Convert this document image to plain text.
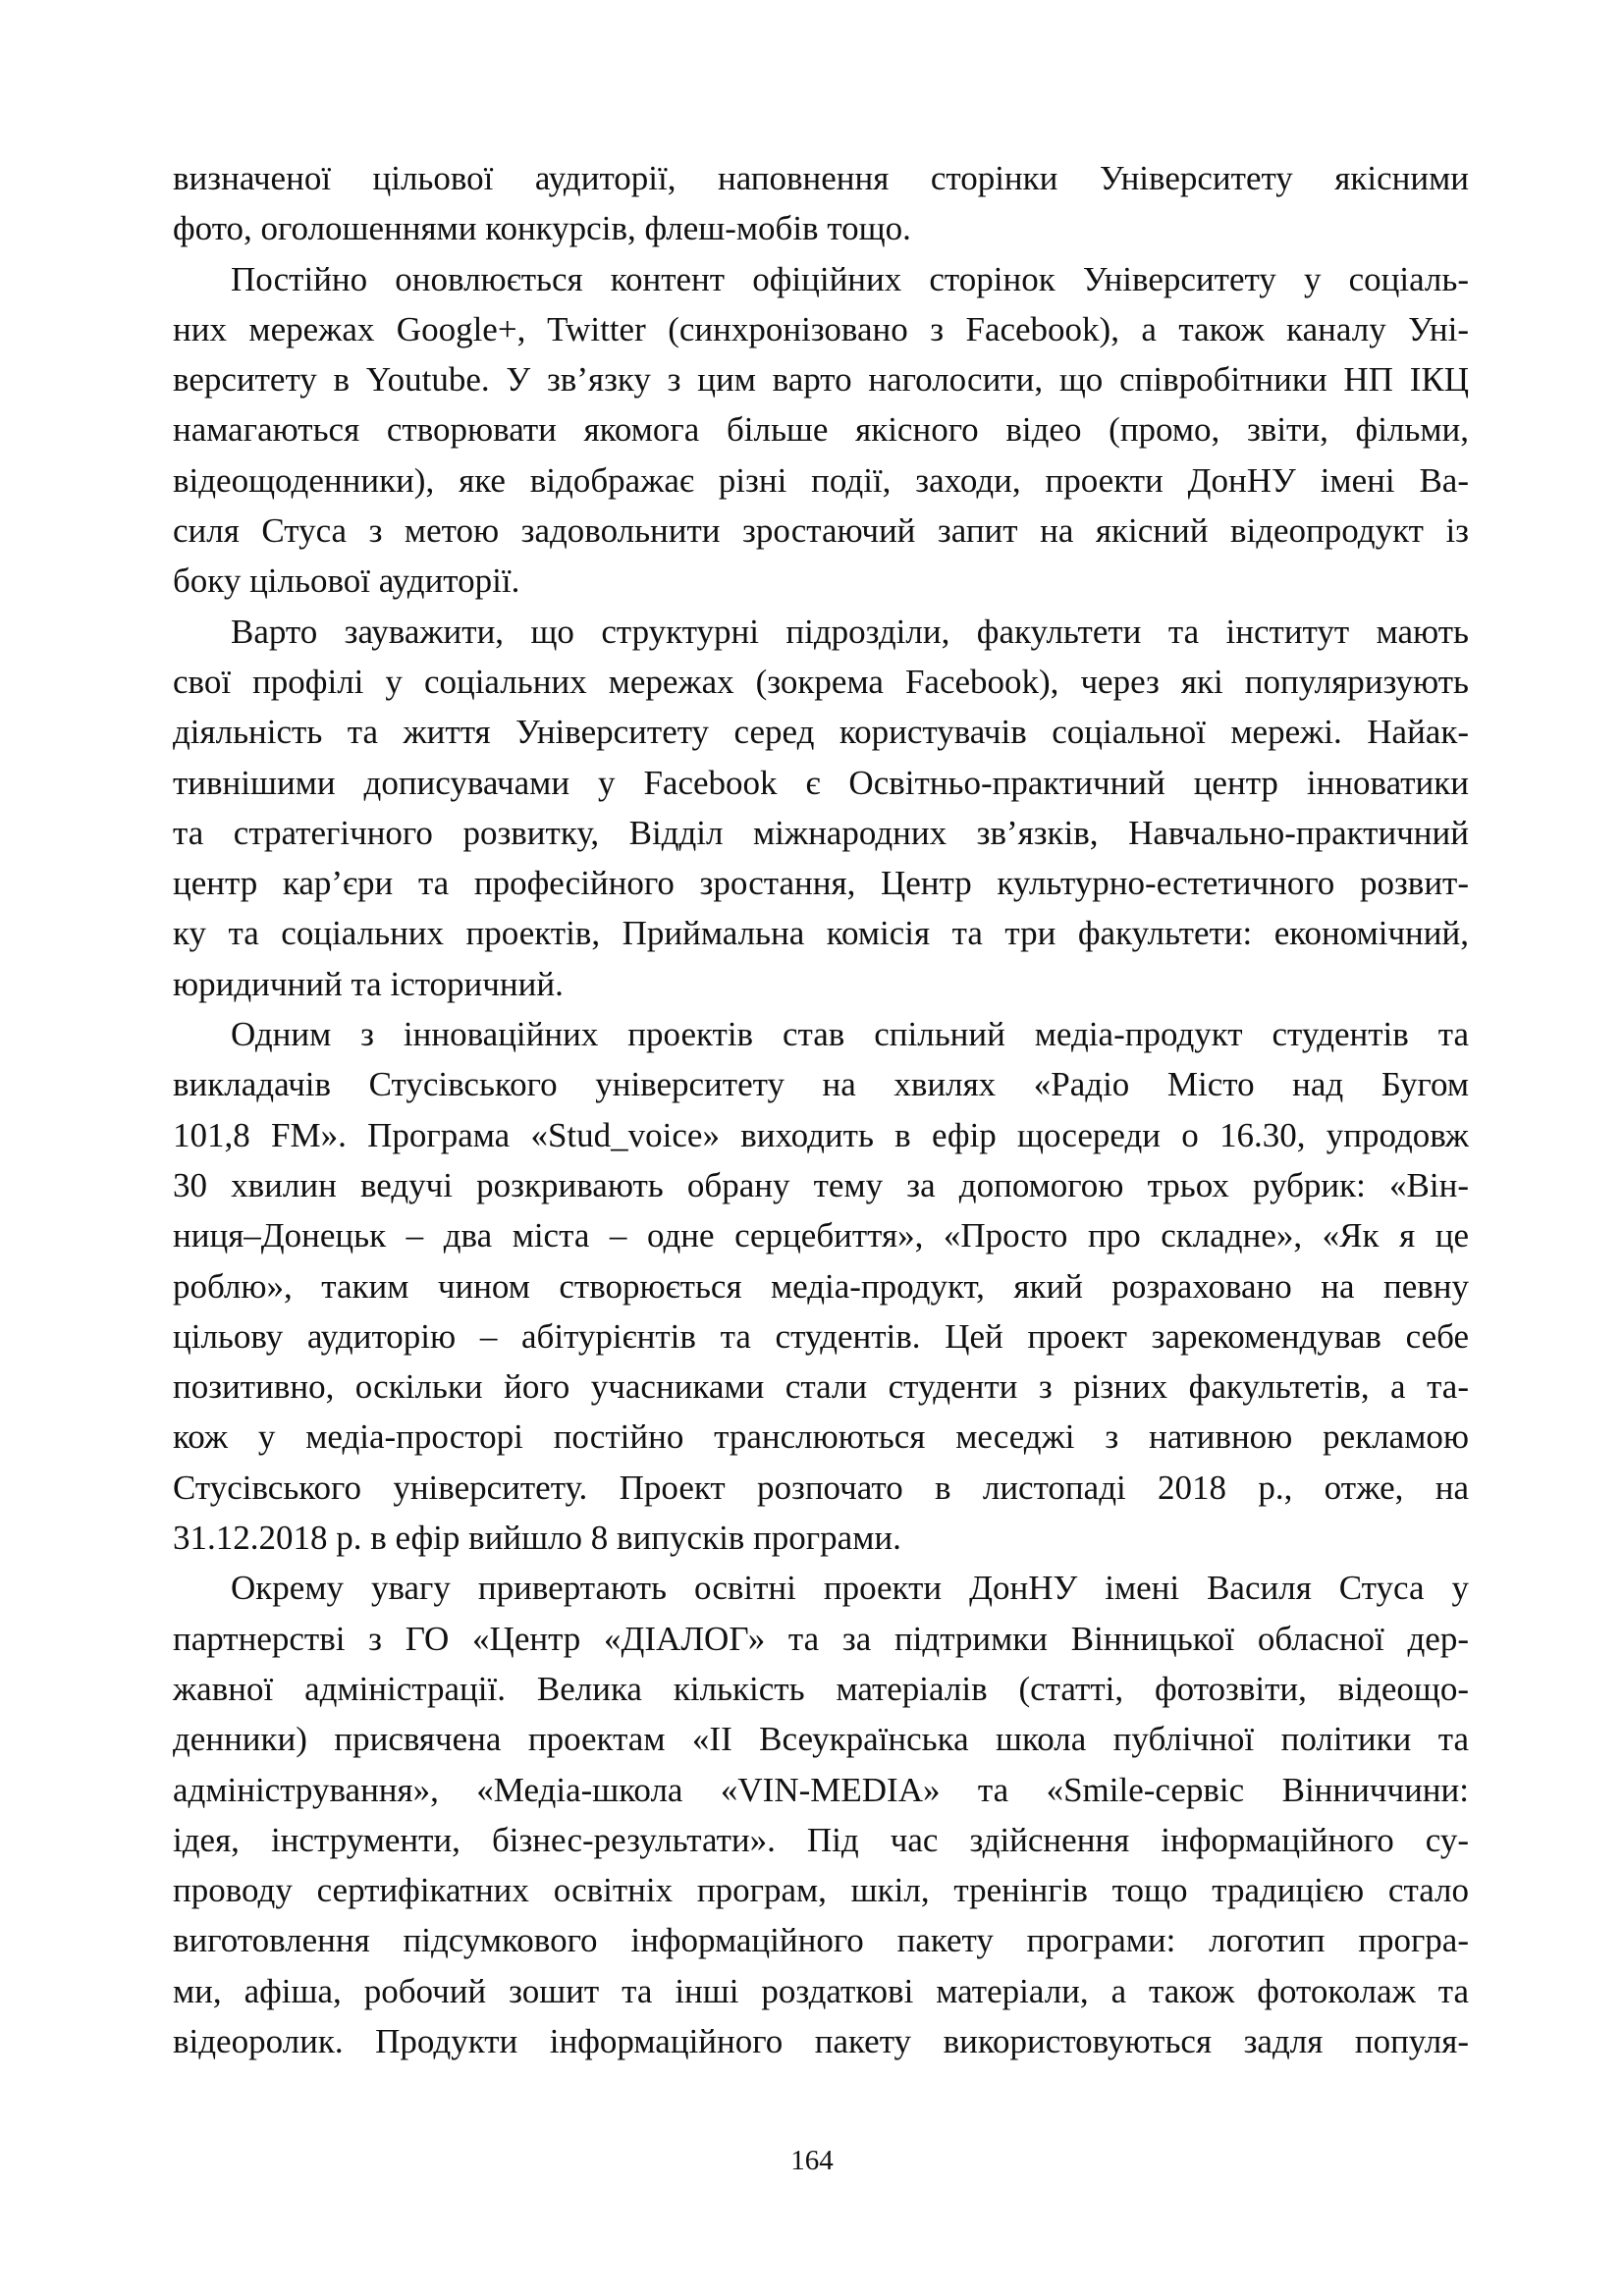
визначеної цільової аудиторії, наповнення сторінки Університету якісними
фото, оголошеннями конкурсів, флеш-мобів тощо.
Постійно оновлюється контент офіційних сторінок Університету у соціаль-
них мережах Google+, Twitter (синхронізовано з Facebook), а також каналу Уні-
верситету в Youtube. У зв’язку з цим варто наголосити, що співробітники НП ІКЦ
намагаються створювати якомога більше якісного відео (промо, звіти, фільми,
відеощоденники), яке відображає різні події, заходи, проекти ДонНУ імені Ва-
силя Стуса з метою задовольнити зростаючий запит на якісний відеопродукт із
боку цільової аудиторії.
Варто зауважити, що структурні підрозділи, факультети та інститут мають
свої профілі у соціальних мережах (зокрема Facebook), через які популяризують
діяльність та життя Університету серед користувачів соціальної мережі. Найак-
тивнішими дописувачами у Facebook є Освітньо-практичний центр інноватики
та стратегічного розвитку, Відділ міжнародних зв’язків, Навчально-практичний
центр кар’єри та професійного зростання, Центр культурно-естетичного розвит-
ку та соціальних проектів, Приймальна комісія та три факультети: економічний,
юридичний та історичний.
Одним з інноваційних проектів став спільний медіа-продукт студентів та
викладачів Стусівського університету на хвилях «Радіо Місто над Бугом
101,8 FM». Програма «Stud_voice» виходить в ефір щосереди о 16.30, упродовж
30 хвилин ведучі розкривають обрану тему за допомогою трьох рубрик: «Він-
ниця–Донецьк – два міста – одне серцебиття», «Просто про складне», «Як я це
роблю», таким чином створюється медіа-продукт, який розраховано на певну
цільову аудиторію – абітурієнтів та студентів. Цей проект зарекомендував себе
позитивно, оскільки його учасниками стали студенти з різних факультетів, а та-
кож у медіа-просторі постійно транслюються меседжі з нативною рекламою
Стусівського університету. Проект розпочато в листопаді 2018 р., отже, на
31.12.2018 р. в ефір вийшло 8 випусків програми.
Окрему увагу привертають освітні проекти ДонНУ імені Василя Стуса у
партнерстві з ГО «Центр «ДІАЛОГ» та за підтримки Вінницької обласної дер-
жавної адміністрації. Велика кількість матеріалів (статті, фотозвіти, відеощо-
денники) присвячена проектам «ІІ Всеукраїнська школа публічної політики та
адміністрування», «Медіа-школа «VIN-MEDIA» та «Smile-сервіс Вінниччини:
ідея, інструменти, бізнес-результати». Під час здійснення інформаційного су-
проводу сертифікатних освітніх програм, шкіл, тренінгів тощо традицією стало
виготовлення підсумкового інформаційного пакету програми: логотип програ-
ми, афіша, робочий зошит та інші роздаткові матеріали, а також фотоколаж та
відеоролик. Продукти інформаційного пакету використовуються задля популя-
164
